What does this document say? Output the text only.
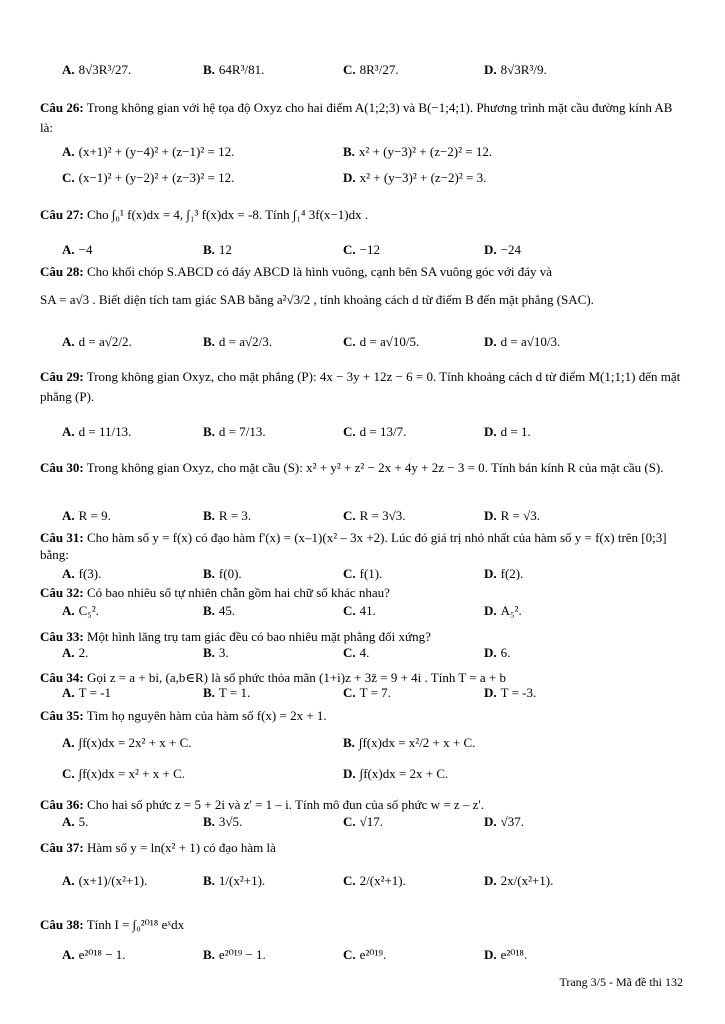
A. 8√3R³/27.	B. 64R³/81.	C. 8R³/27.	D. 8√3R³/9.
Câu 26: Trong không gian với hệ tọa độ Oxyz cho hai điểm A(1;2;3) và B(−1;4;1). Phương trình mặt cầu đường kính AB là:
A. (x+1)² + (y−4)² + (z−1)² = 12.	B. x² + (y−3)² + (z−2)² = 12.
C. (x−1)² + (y−2)² + (z−3)² = 12.	D. x² + (y−3)² + (z−2)² = 3.
Câu 27: Cho ∫₀¹ f(x)dx = 4, ∫₁³ f(x)dx = -8. Tính ∫₁⁴ 3f(x−1)dx .
A. −4	B. 12	C. −12	D. −24
Câu 28: Cho khối chóp S.ABCD có đáy ABCD là hình vuông, cạnh bên SA vuông góc với đáy và
SA = a√3 . Biết diện tích tam giác SAB bằng a²√3/2 , tính khoảng cách d từ điểm B đến mặt phẳng (SAC).
A. d = a√2/2.	B. d = a√2/3.	C. d = a√10/5.	D. d = a√10/3.
Câu 29: Trong không gian Oxyz, cho mặt phẳng (P): 4x − 3y + 12z − 6 = 0. Tính khoảng cách d từ điểm M(1;1;1) đến mặt phẳng (P).
A. d = 11/13.	B. d = 7/13.	C. d = 13/7.	D. d = 1.
Câu 30: Trong không gian Oxyz, cho mặt cầu (S): x² + y² + z² − 2x + 4y + 2z − 3 = 0. Tính bán kính R của mặt cầu (S).
A. R = 9.	B. R = 3.	C. R = 3√3.	D. R = √3.
Câu 31: Cho hàm số y = f(x) có đạo hàm f'(x) = (x–1)(x² – 3x +2). Lúc đó giá trị nhỏ nhất của hàm số y = f(x) trên [0;3] bằng:
A. f(3).	B. f(0).	C. f(1).	D. f(2).
Câu 32: Có bao nhiêu số tự nhiên chẵn gồm hai chữ số khác nhau?
A. C₅².	B. 45.	C. 41.	D. A₅².
Câu 33: Một hình lăng trụ tam giác đều có bao nhiêu mặt phẳng đối xứng?
A. 2.	B. 3.	C. 4.	D. 6.
Câu 34: Gọi z = a + bi, (a,b∈R) là số phức thỏa mãn (1+i)z + 3z̄ = 9 + 4i . Tính T = a + b
A. T = -1	B. T = 1.	C. T = 7.	D. T = -3.
Câu 35: Tìm họ nguyên hàm của hàm số f(x) = 2x + 1.
A. ∫f(x)dx = 2x² + x + C.	B. ∫f(x)dx = x²/2 + x + C.
C. ∫f(x)dx = x² + x + C.	D. ∫f(x)dx = 2x + C.
Câu 36: Cho hai số phức z = 5 + 2i và z' = 1 – i. Tính mô đun của số phức w = z – z'.
A. 5.	B. 3√5.	C. √17.	D. √37.
Câu 37: Hàm số y = ln(x² + 1) có đạo hàm là
A. (x+1)/(x²+1).	B. 1/(x²+1).	C. 2/(x²+1).	D. 2x/(x²+1).
Câu 38: Tính I = ∫₀²⁰¹⁸ eˣdx
A. e²⁰¹⁸ − 1.	B. e²⁰¹⁹ − 1.	C. e²⁰¹⁹.	D. e²⁰¹⁸.
Trang 3/5 - Mã đề thi 132
